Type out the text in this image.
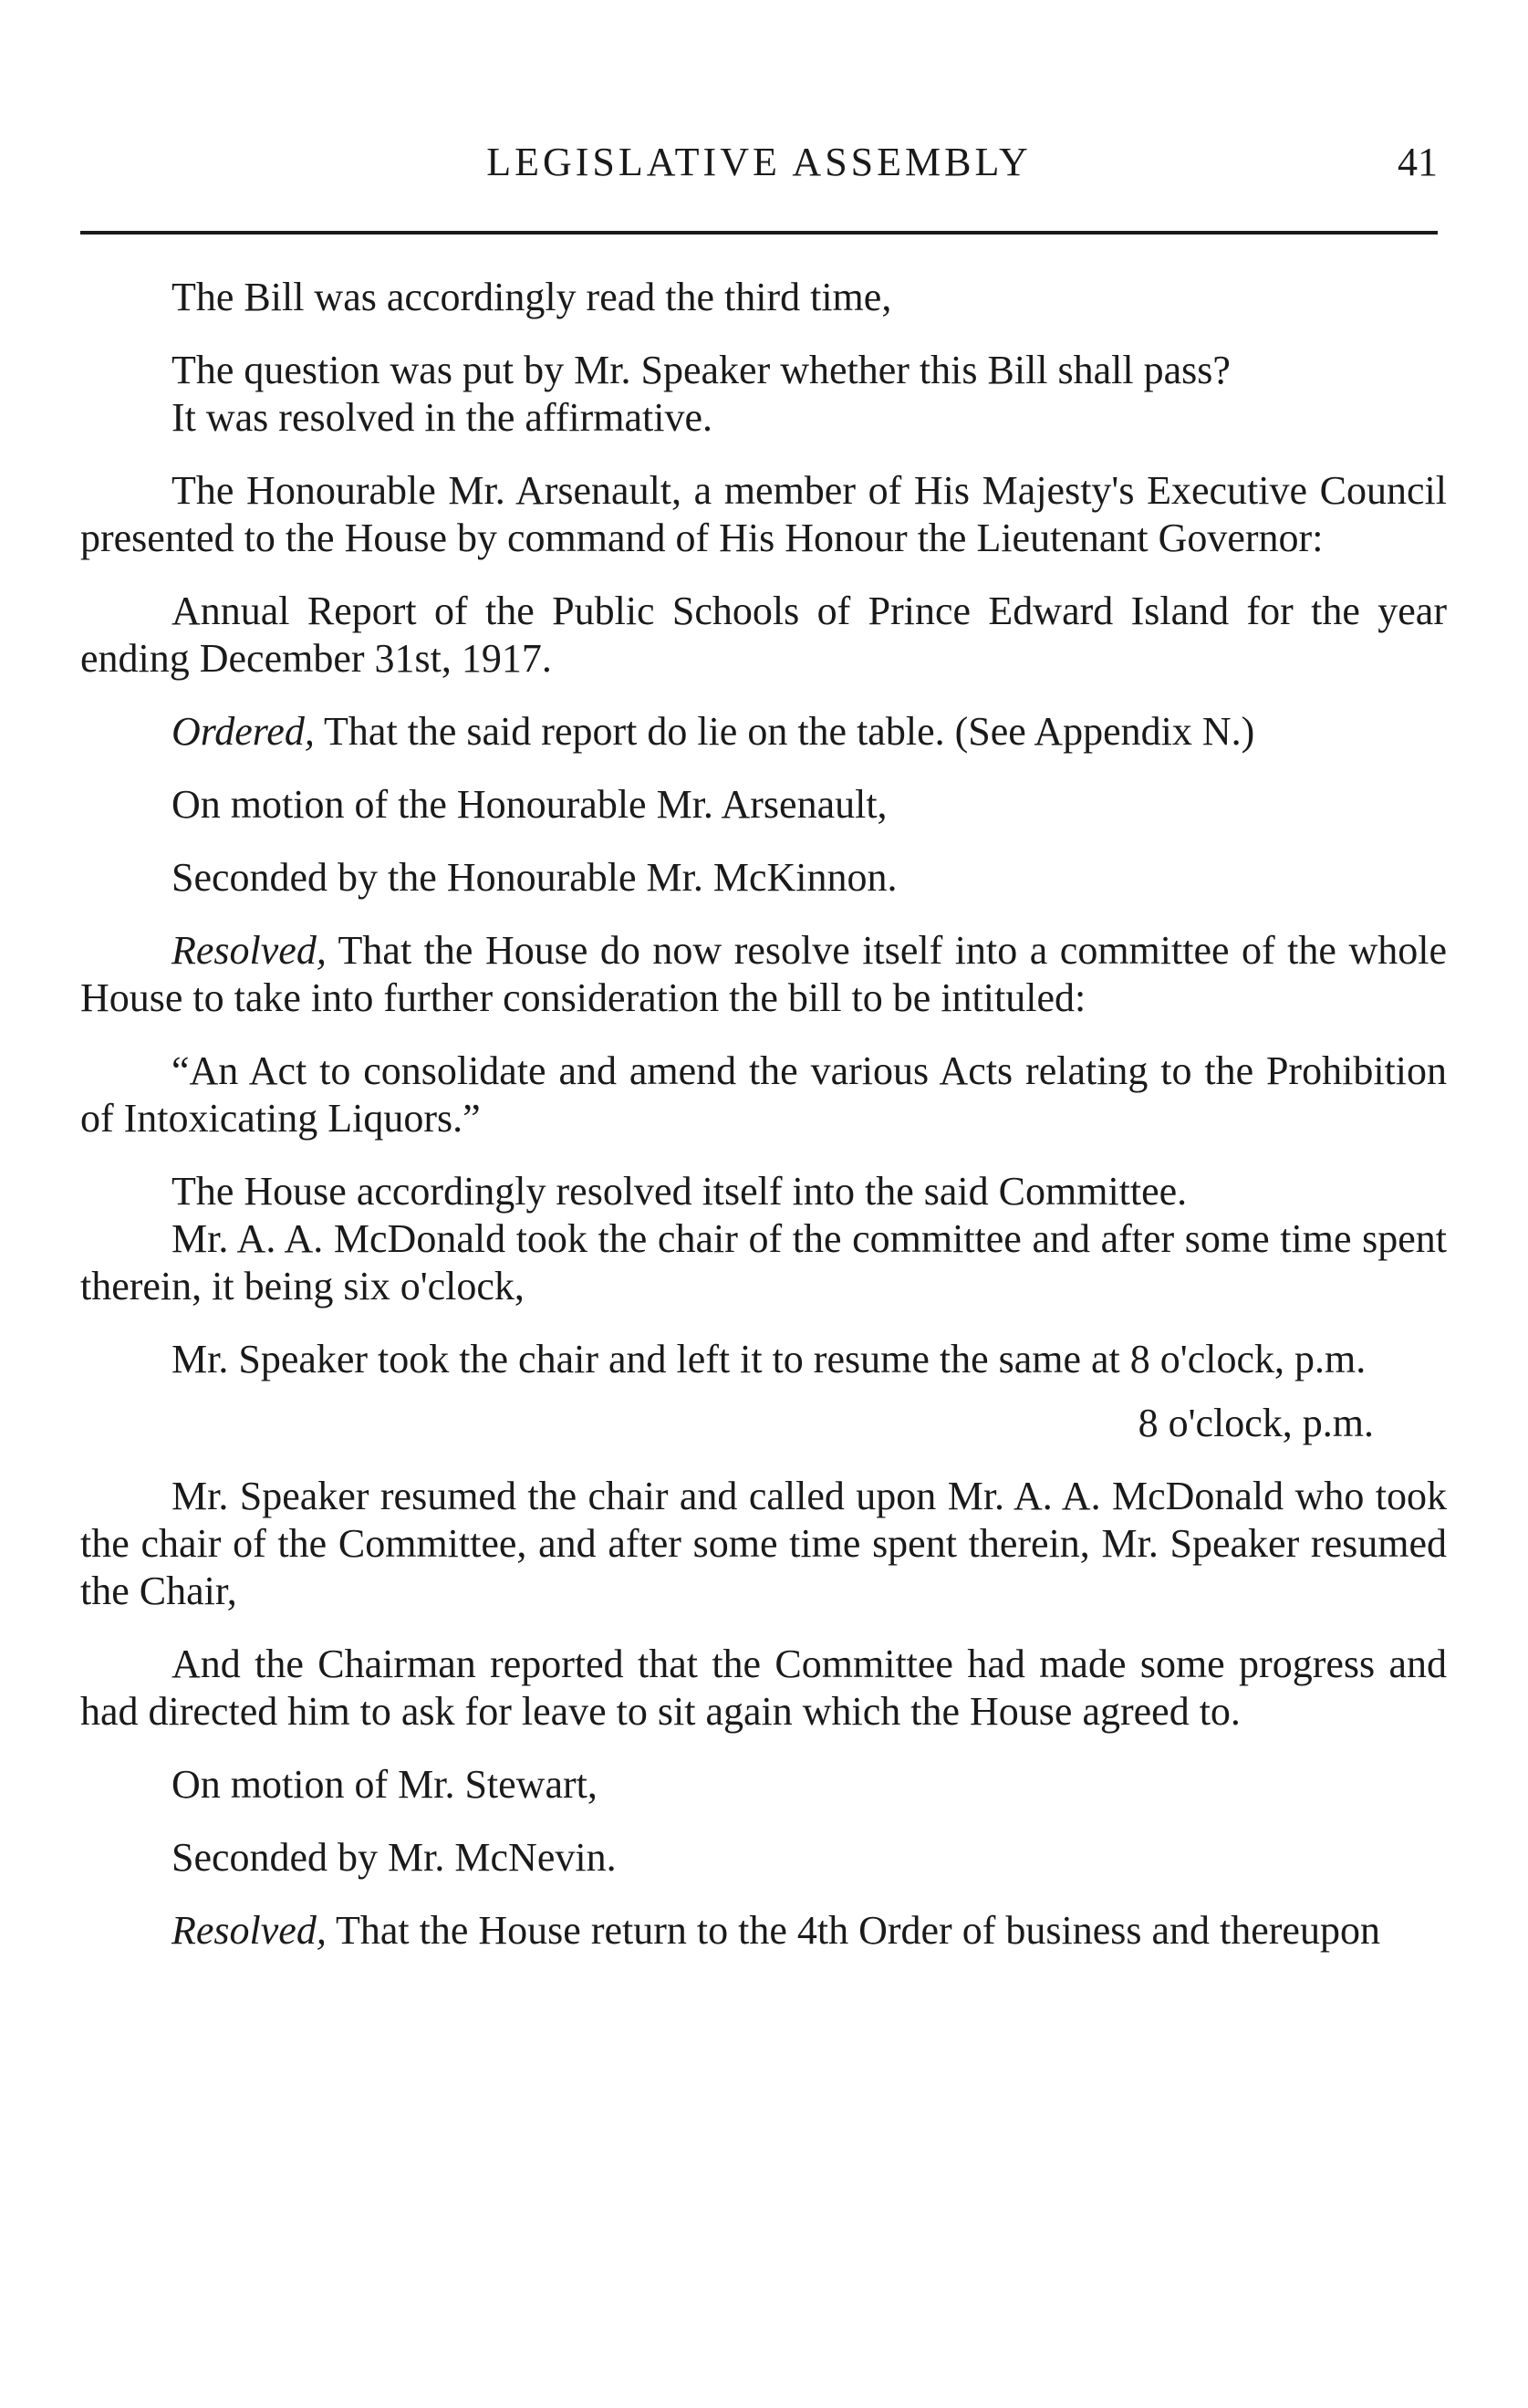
LEGISLATIVE ASSEMBLY	41

The Bill was accordingly read the third time,

The question was put by Mr. Speaker whether this Bill shall pass?

It was resolved in the affirmative.

The Honourable Mr. Arsenault, a member of His Majesty's Executive Council presented to the House by command of His Honour the Lieutenant Governor:

Annual Report of the Public Schools of Prince Edward Island for the year ending December 31st, 1917.

Ordered, That the said report do lie on the table. (See Appendix N.)

On motion of the Honourable Mr. Arsenault,

Seconded by the Honourable Mr. McKinnon.

Resolved, That the House do now resolve itself into a committee of the whole House to take into further consideration the bill to be intituled:

“An Act to consolidate and amend the various Acts relating to the Prohibition of Intoxicating Liquors.”

The House accordingly resolved itself into the said Committee.

Mr. A. A. McDonald took the chair of the committee and after some time spent therein, it being six o'clock,

Mr. Speaker took the chair and left it to resume the same at 8 o'clock, p.m.

8 o'clock, p.m.

Mr. Speaker resumed the chair and called upon Mr. A. A. McDonald who took the chair of the Committee, and after some time spent therein, Mr. Speaker resumed the Chair,

And the Chairman reported that the Committee had made some progress and had directed him to ask for leave to sit again which the House agreed to.

On motion of Mr. Stewart,

Seconded by Mr. McNevin.

Resolved, That the House return to the 4th Order of business and thereupon
